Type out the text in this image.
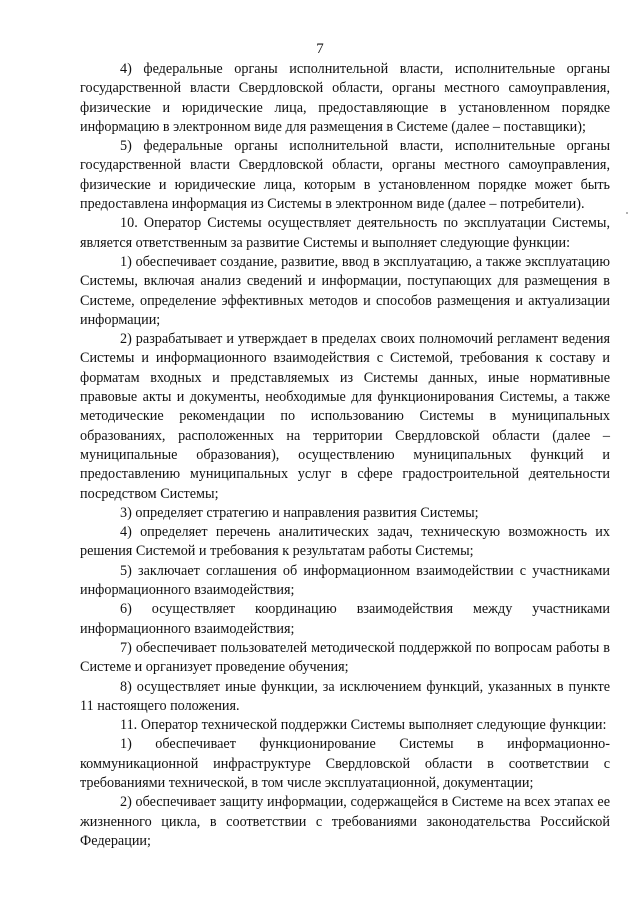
7

4) федеральные органы исполнительной власти, исполнительные органы государственной власти Свердловской области, органы местного самоуправления, физические и юридические лица, предоставляющие в установленном порядке информацию в электронном виде для размещения в Системе (далее – поставщики);

5) федеральные органы исполнительной власти, исполнительные органы государственной власти Свердловской области, органы местного самоуправления, физические и юридические лица, которым в установленном порядке может быть предоставлена информация из Системы в электронном виде (далее – потребители).

10. Оператор Системы осуществляет деятельность по эксплуатации Системы, является ответственным за развитие Системы и выполняет следующие функции:

1) обеспечивает создание, развитие, ввод в эксплуатацию, а также эксплуатацию Системы, включая анализ сведений и информации, поступающих для размещения в Системе, определение эффективных методов и способов размещения и актуализации информации;

2) разрабатывает и утверждает в пределах своих полномочий регламент ведения Системы и информационного взаимодействия с Системой, требования к составу и форматам входных и представляемых из Системы данных, иные нормативные правовые акты и документы, необходимые для функционирования Системы, а также методические рекомендации по использованию Системы в муниципальных образованиях, расположенных на территории Свердловской области (далее – муниципальные образования), осуществлению муниципальных функций и предоставлению муниципальных услуг в сфере градостроительной деятельности посредством Системы;

3) определяет стратегию и направления развития Системы;

4) определяет перечень аналитических задач, техническую возможность их решения Системой и требования к результатам работы Системы;

5) заключает соглашения об информационном взаимодействии с участниками информационного взаимодействия;

6) осуществляет координацию взаимодействия между участниками информационного взаимодействия;

7) обеспечивает пользователей методической поддержкой по вопросам работы в Системе и организует проведение обучения;

8) осуществляет иные функции, за исключением функций, указанных в пункте 11 настоящего положения.

11. Оператор технической поддержки Системы выполняет следующие функции:

1) обеспечивает функционирование Системы в информационно-коммуникационной инфраструктуре Свердловской области в соответствии с требованиями технической, в том числе эксплуатационной, документации;

2) обеспечивает защиту информации, содержащейся в Системе на всех этапах ее жизненного цикла, в соответствии с требованиями законодательства Российской Федерации;
